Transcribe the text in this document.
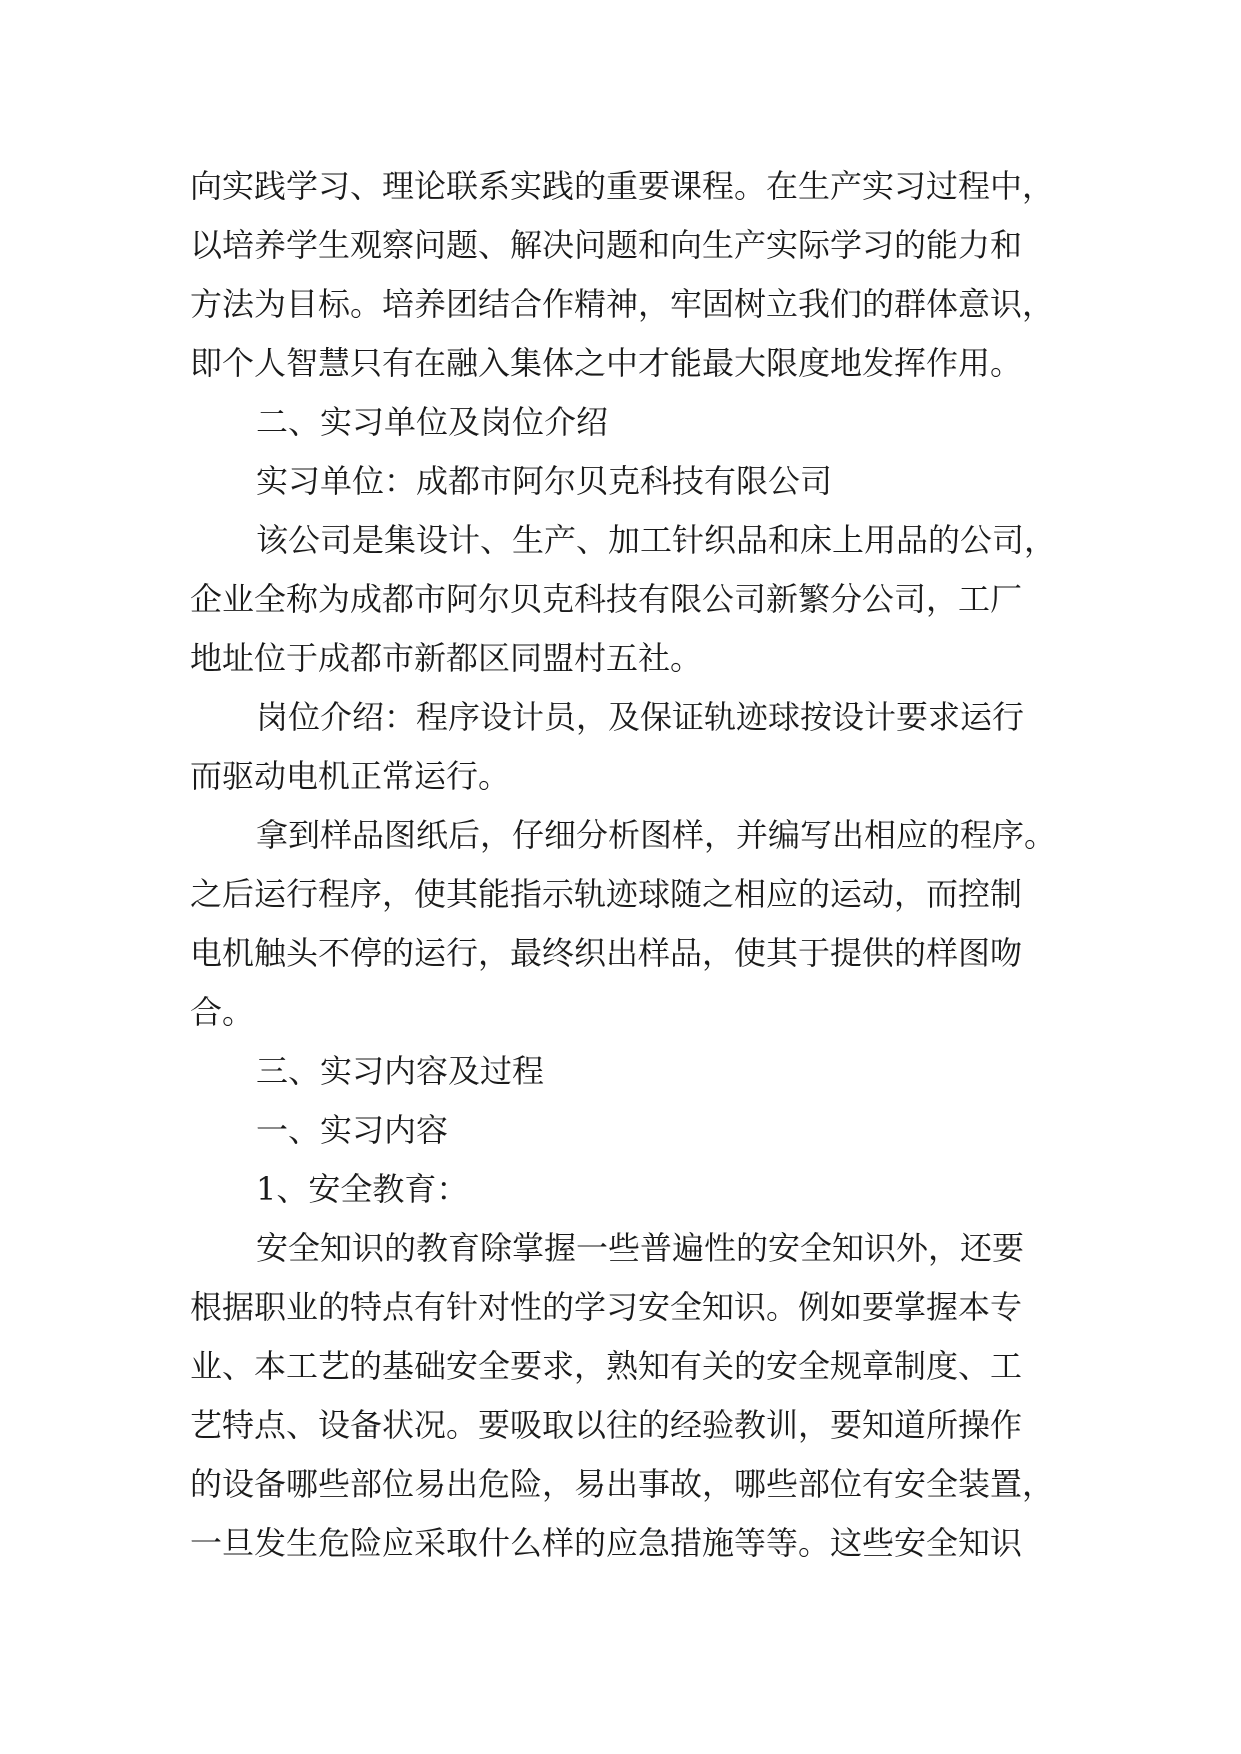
向实践学习、理论联系实践的重要课程。在生产实习过程中，

以培养学生观察问题、解决问题和向生产实际学习的能力和

方法为目标。培养团结合作精神，牢固树立我们的群体意识，

即个人智慧只有在融入集体之中才能最大限度地发挥作用。

二、实习单位及岗位介绍

实习单位：成都市阿尔贝克科技有限公司

该公司是集设计、生产、加工针织品和床上用品的公司，

企业全称为成都市阿尔贝克科技有限公司新繁分公司，工厂

地址位于成都市新都区同盟村五社。

岗位介绍：程序设计员，及保证轨迹球按设计要求运行

而驱动电机正常运行。

拿到样品图纸后，仔细分析图样，并编写出相应的程序。

之后运行程序，使其能指示轨迹球随之相应的运动，而控制

电机触头不停的运行，最终织出样品，使其于提供的样图吻

合。

三、实习内容及过程

一、实习内容

1、安全教育：

安全知识的教育除掌握一些普遍性的安全知识外，还要

根据职业的特点有针对性的学习安全知识。例如要掌握本专

业、本工艺的基础安全要求，熟知有关的安全规章制度、工

艺特点、设备状况。要吸取以往的经验教训，要知道所操作

的设备哪些部位易出危险，易出事故，哪些部位有安全装置，

一旦发生危险应采取什么样的应急措施等等。这些安全知识
